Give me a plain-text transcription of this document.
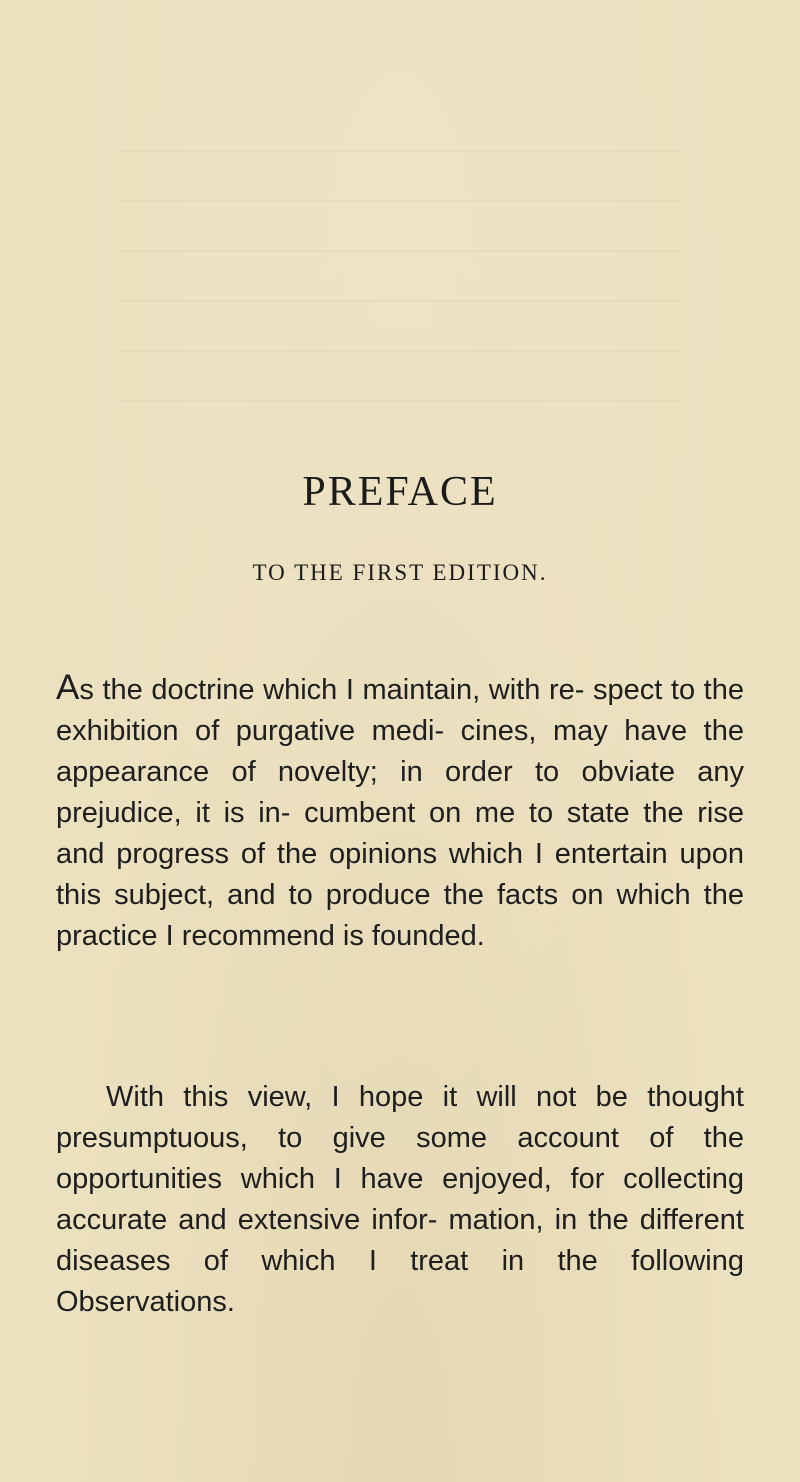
PREFACE
TO THE FIRST EDITION.

As the doctrine which I maintain, with re- spect to the exhibition of purgative medi- cines, may have the appearance of novelty; in order to obviate any prejudice, it is in- cumbent on me to state the rise and progress of the opinions which I entertain upon this subject, and to produce the facts on which the practice I recommend is founded.

With this view, I hope it will not be thought presumptuous, to give some account of the opportunities which I have enjoyed, for collecting accurate and extensive infor- mation, in the different diseases of which I treat in the following Observations.
